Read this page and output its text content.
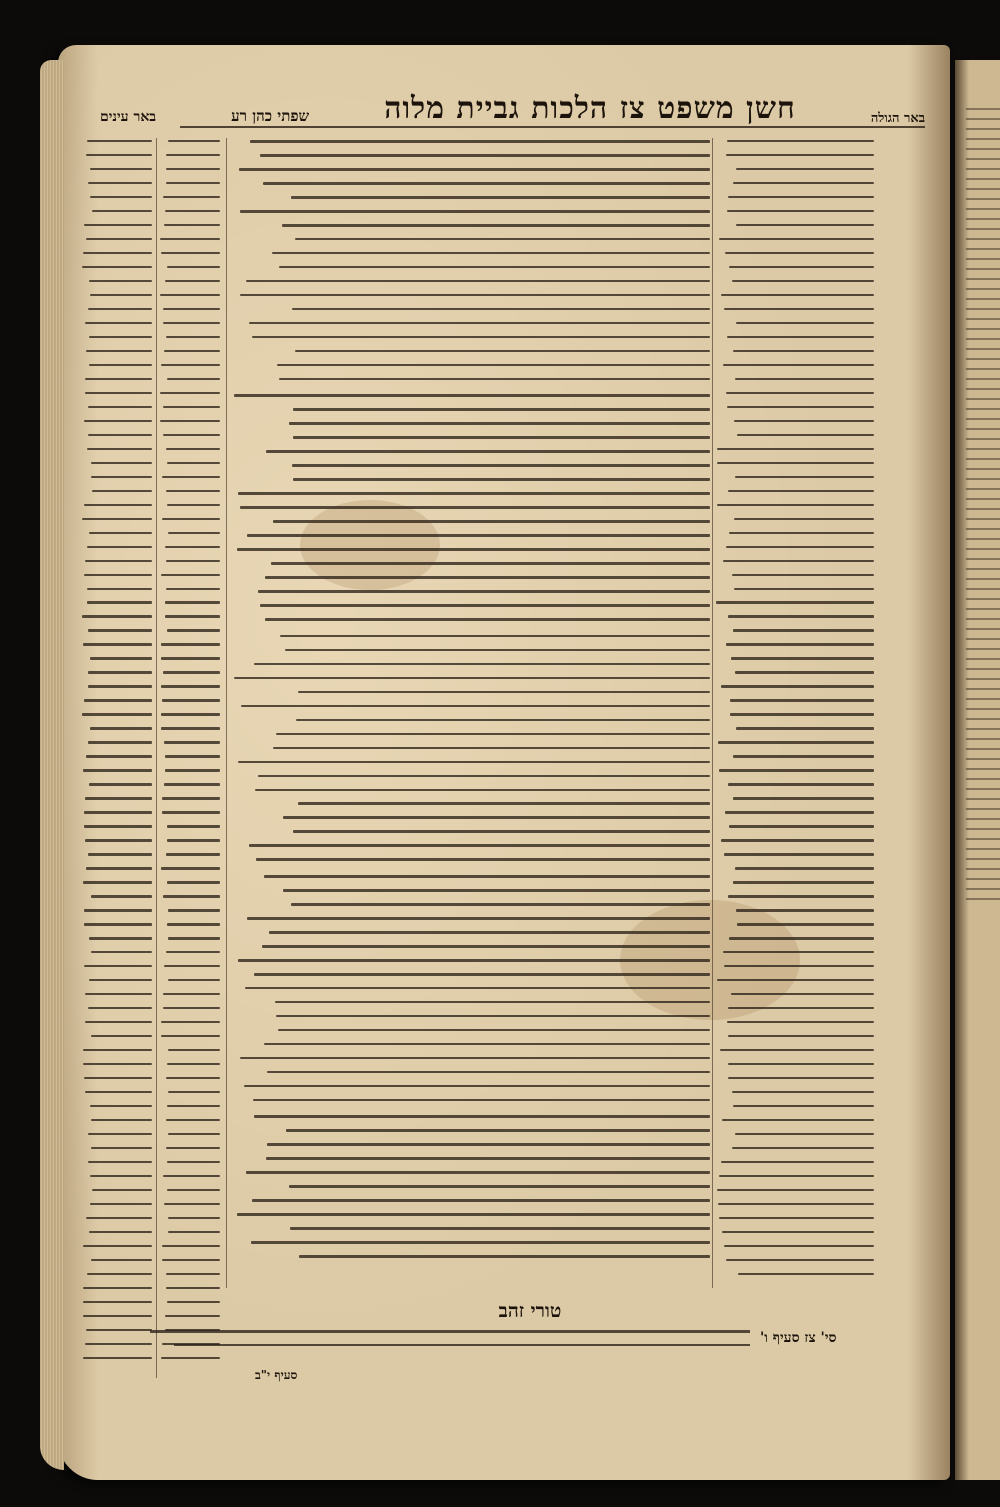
באר הגולה
חשן משפט צז הלכות גביית מלוה
שפתי כהן רע
באר עינים
טורי זהב
סי' צז סעיף ו'
סעיף י"ב
